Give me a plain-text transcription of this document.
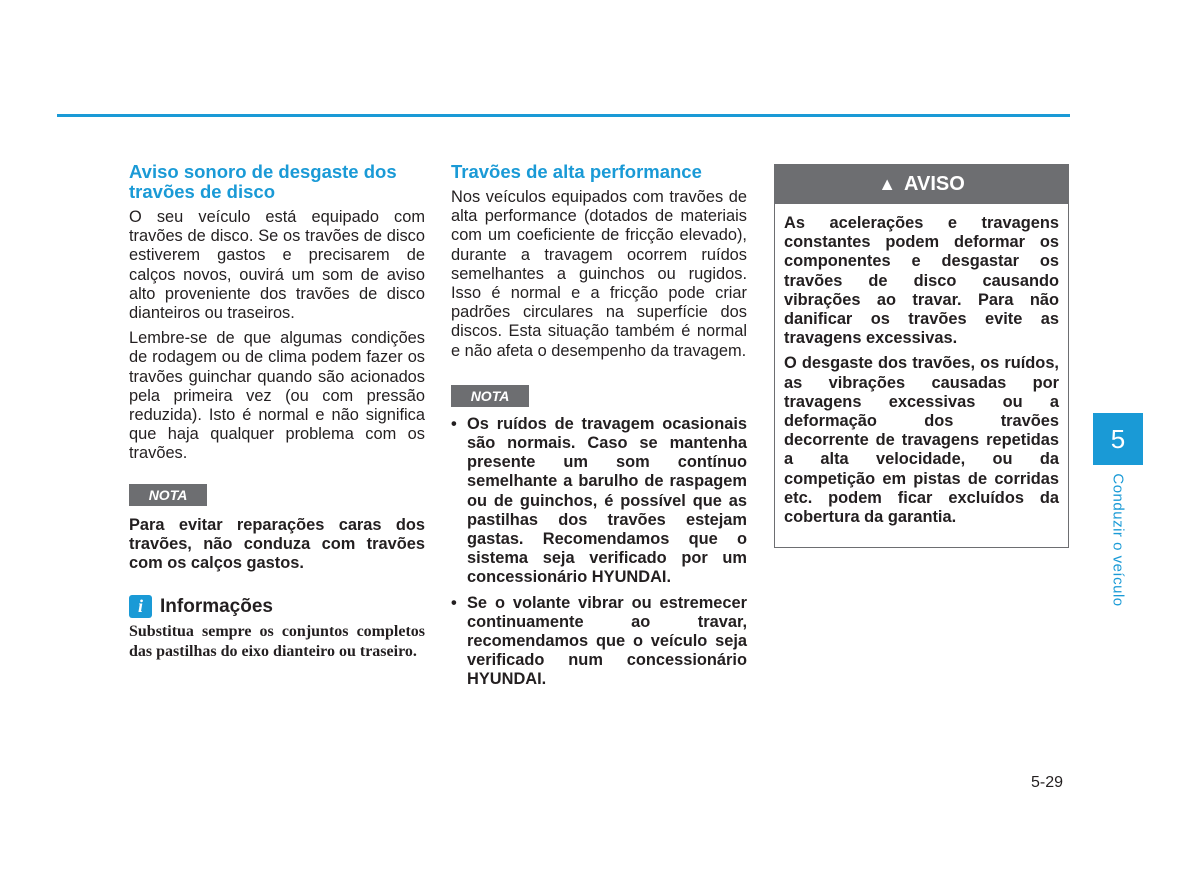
Aviso sonoro de desgaste dos travões de disco

O seu veículo está equipado com travões de disco. Se os travões de disco estiverem gastos e precisarem de calços novos, ouvirá um som de aviso alto proveniente dos travões de disco dianteiros ou traseiros.

Lembre-se de que algumas condições de rodagem ou de clima podem fazer os travões guinchar quando são acionados pela primeira vez (ou com pressão reduzida). Isto é normal e não significa que haja qualquer problema com os travões.

NOTA

Para evitar reparações caras dos travões, não conduza com travões com os calços gastos.

i Informações

Substitua sempre os conjuntos completos das pastilhas do eixo dianteiro ou traseiro.

Travões de alta performance

Nos veículos equipados com travões de alta performance (dotados de materiais com um coeficiente de fricção elevado), durante a travagem ocorrem ruídos semelhantes a guinchos ou rugidos. Isso é normal e a fricção pode criar padrões circulares na superfície dos discos. Esta situação também é normal e não afeta o desempenho da travagem.

NOTA
• Os ruídos de travagem ocasionais são normais. Caso se mantenha presente um som contínuo semelhante a barulho de raspagem ou de guinchos, é possível que as pastilhas dos travões estejam gastas. Recomendamos que o sistema seja verificado por um concessionário HYUNDAI.
• Se o volante vibrar ou estremecer continuamente ao travar, recomendamos que o veículo seja verificado num concessionário HYUNDAI.
▲ AVISO

As acelerações e travagens constantes podem deformar os componentes e desgastar os travões de disco causando vibrações ao travar. Para não danificar os travões evite as travagens excessivas.

O desgaste dos travões, os ruídos, as vibrações causadas por travagens excessivas ou a deformação dos travões decorrente de travagens repetidas a alta velocidade, ou da competição em pistas de corridas etc. podem ficar excluídos da cobertura da garantia.

5
Conduzir o veículo
5-29
